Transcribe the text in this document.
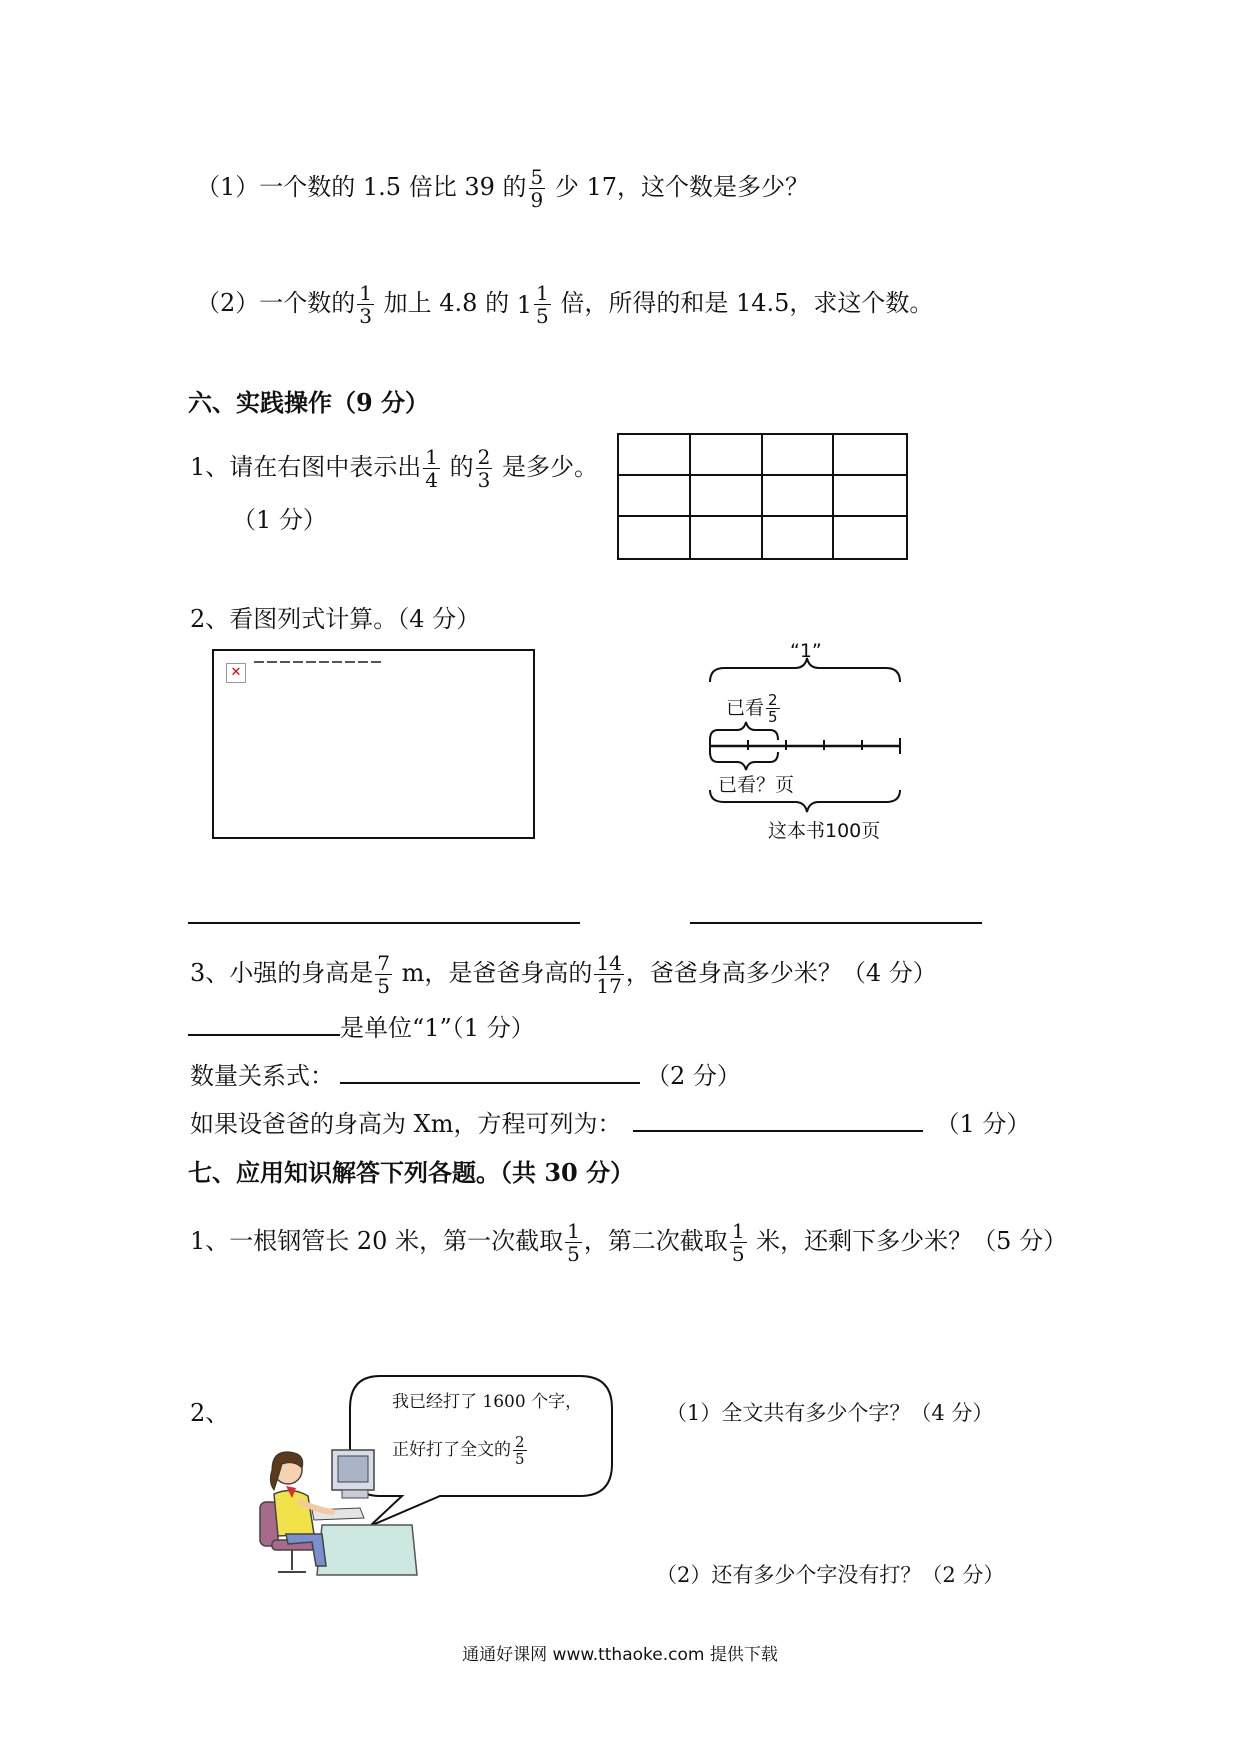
（1）一个数的 1.5 倍比 39 的 $\frac{5}{9}$ 少 17，这个数是多少？
（2）一个数的 $\frac{1}{3}$ 加上 4.8 的 $1 \frac{1}{5}$ 倍，所得的和是 14.5，求这个数。
六、实践操作（9 分）
1、请在右图中表示出 $\frac{1}{4}$ 的 $\frac{2}{3}$ 是多少。
（1 分）
2、看图列式计算。（4 分）
✕
“1”
已看 $\frac{2}{5}$
已看？页
这本书100页
3、小强的身高是 $\frac{7}{5}$ m，是爸爸身高的 $\frac{14}{17}$ ，爸爸身高多少米？（4 分）
是单位“1”（1 分）
数量关系式：	（2 分）
如果设爸爸的身高为 Xm，方程可列为：	（1 分）
七、应用知识解答下列各题。（共 30 分）
1、一根钢管长 20 米，第一次截取 $\frac{1}{5}$ ，第二次截取 $\frac{1}{5}$ 米，还剩下多少米？（5 分）
2、	我已经打了 1600 个字，
正好打了全文的 $\frac{2}{5}$
（1）全文共有多少个字？（4 分）
（2）还有多少个字没有打？（2 分）
通通好课网 www.tthaoke.com 提供下载
